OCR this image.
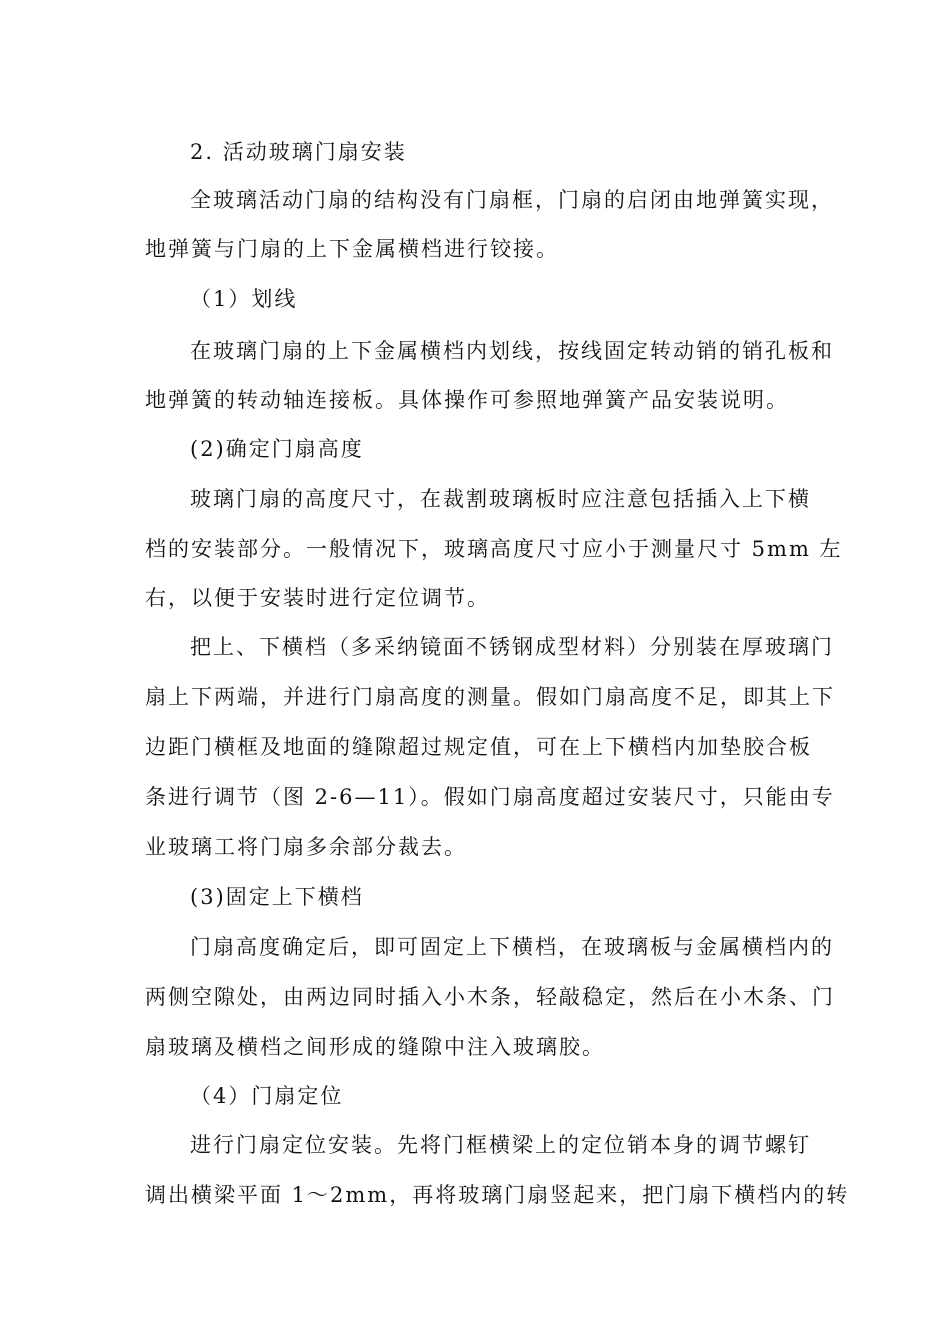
2. 活动玻璃门扇安装
全玻璃活动门扇的结构没有门扇框，门扇的启闭由地弹簧实现，
地弹簧与门扇的上下金属横档进行铰接。
（1）划线
在玻璃门扇的上下金属横档内划线，按线固定转动销的销孔板和
地弹簧的转动轴连接板。具体操作可参照地弹簧产品安装说明。
(2)确定门扇高度
玻璃门扇的高度尺寸，在裁割玻璃板时应注意包括插入上下横
档的安装部分。一般情况下，玻璃高度尺寸应小于测量尺寸 5mm 左
右，以便于安装时进行定位调节。
把上、下横档（多采纳镜面不锈钢成型材料）分别装在厚玻璃门
扇上下两端，并进行门扇高度的测量。假如门扇高度不足，即其上下
边距门横框及地面的缝隙超过规定值，可在上下横档内加垫胶合板
条进行调节（图 2-6—11）。假如门扇高度超过安装尺寸，只能由专
业玻璃工将门扇多余部分裁去。
(3)固定上下横档
门扇高度确定后，即可固定上下横档，在玻璃板与金属横档内的
两侧空隙处，由两边同时插入小木条，轻敲稳定，然后在小木条、门
扇玻璃及横档之间形成的缝隙中注入玻璃胶。
（4）门扇定位
进行门扇定位安装。先将门框横梁上的定位销本身的调节螺钉
调出横梁平面 1～2mm，再将玻璃门扇竖起来，把门扇下横档内的转
